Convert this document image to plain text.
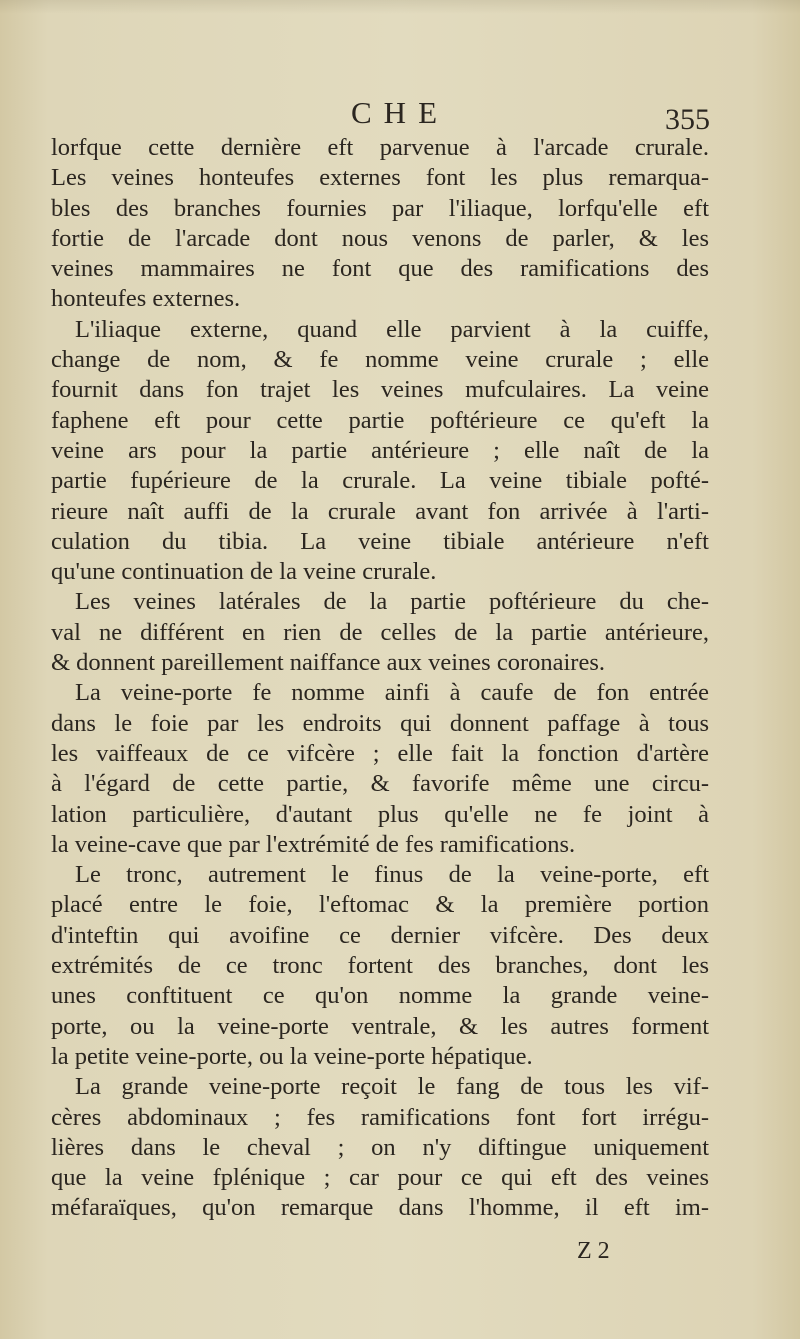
CHE	355
lorfque cette dernière eft parvenue à l'arcade crurale.
Les veines honteufes externes font les plus remarqua-
bles des branches fournies par l'iliaque, lorfqu'elle eft
fortie de l'arcade dont nous venons de parler, & les
veines mammaires ne font que des ramifications des
honteufes externes.
L'iliaque externe, quand elle parvient à la cuiffe,
change de nom, & fe nomme veine crurale ; elle
fournit dans fon trajet les veines mufculaires. La veine
faphene eft pour cette partie poftérieure ce qu'eft la
veine ars pour la partie antérieure ; elle naît de la
partie fupérieure de la crurale. La veine tibiale pofté-
rieure naît auffi de la crurale avant fon arrivée à l'arti-
culation du tibia. La veine tibiale antérieure n'eft
qu'une continuation de la veine crurale.
Les veines latérales de la partie poftérieure du che-
val ne différent en rien de celles de la partie antérieure,
& donnent pareillement naiffance aux veines coronaires.
La veine-porte fe nomme ainfi à caufe de fon entrée
dans le foie par les endroits qui donnent paffage à tous
les vaiffeaux de ce vifcère ; elle fait la fonction d'artère
à l'égard de cette partie, & favorife même une circu-
lation particulière, d'autant plus qu'elle ne fe joint à
la veine-cave que par l'extrémité de fes ramifications.
Le tronc, autrement le finus de la veine-porte, eft
placé entre le foie, l'eftomac & la première portion
d'inteftin qui avoifine ce dernier vifcère. Des deux
extrémités de ce tronc fortent des branches, dont les
unes conftituent ce qu'on nomme la grande veine-
porte, ou la veine-porte ventrale, & les autres forment
la petite veine-porte, ou la veine-porte hépatique.
La grande veine-porte reçoit le fang de tous les vif-
cères abdominaux ; fes ramifications font fort irrégu-
lières dans le cheval ; on n'y diftingue uniquement
que la veine fplénique ; car pour ce qui eft des veines
méfaraïques, qu'on remarque dans l'homme, il eft im-
Z 2
